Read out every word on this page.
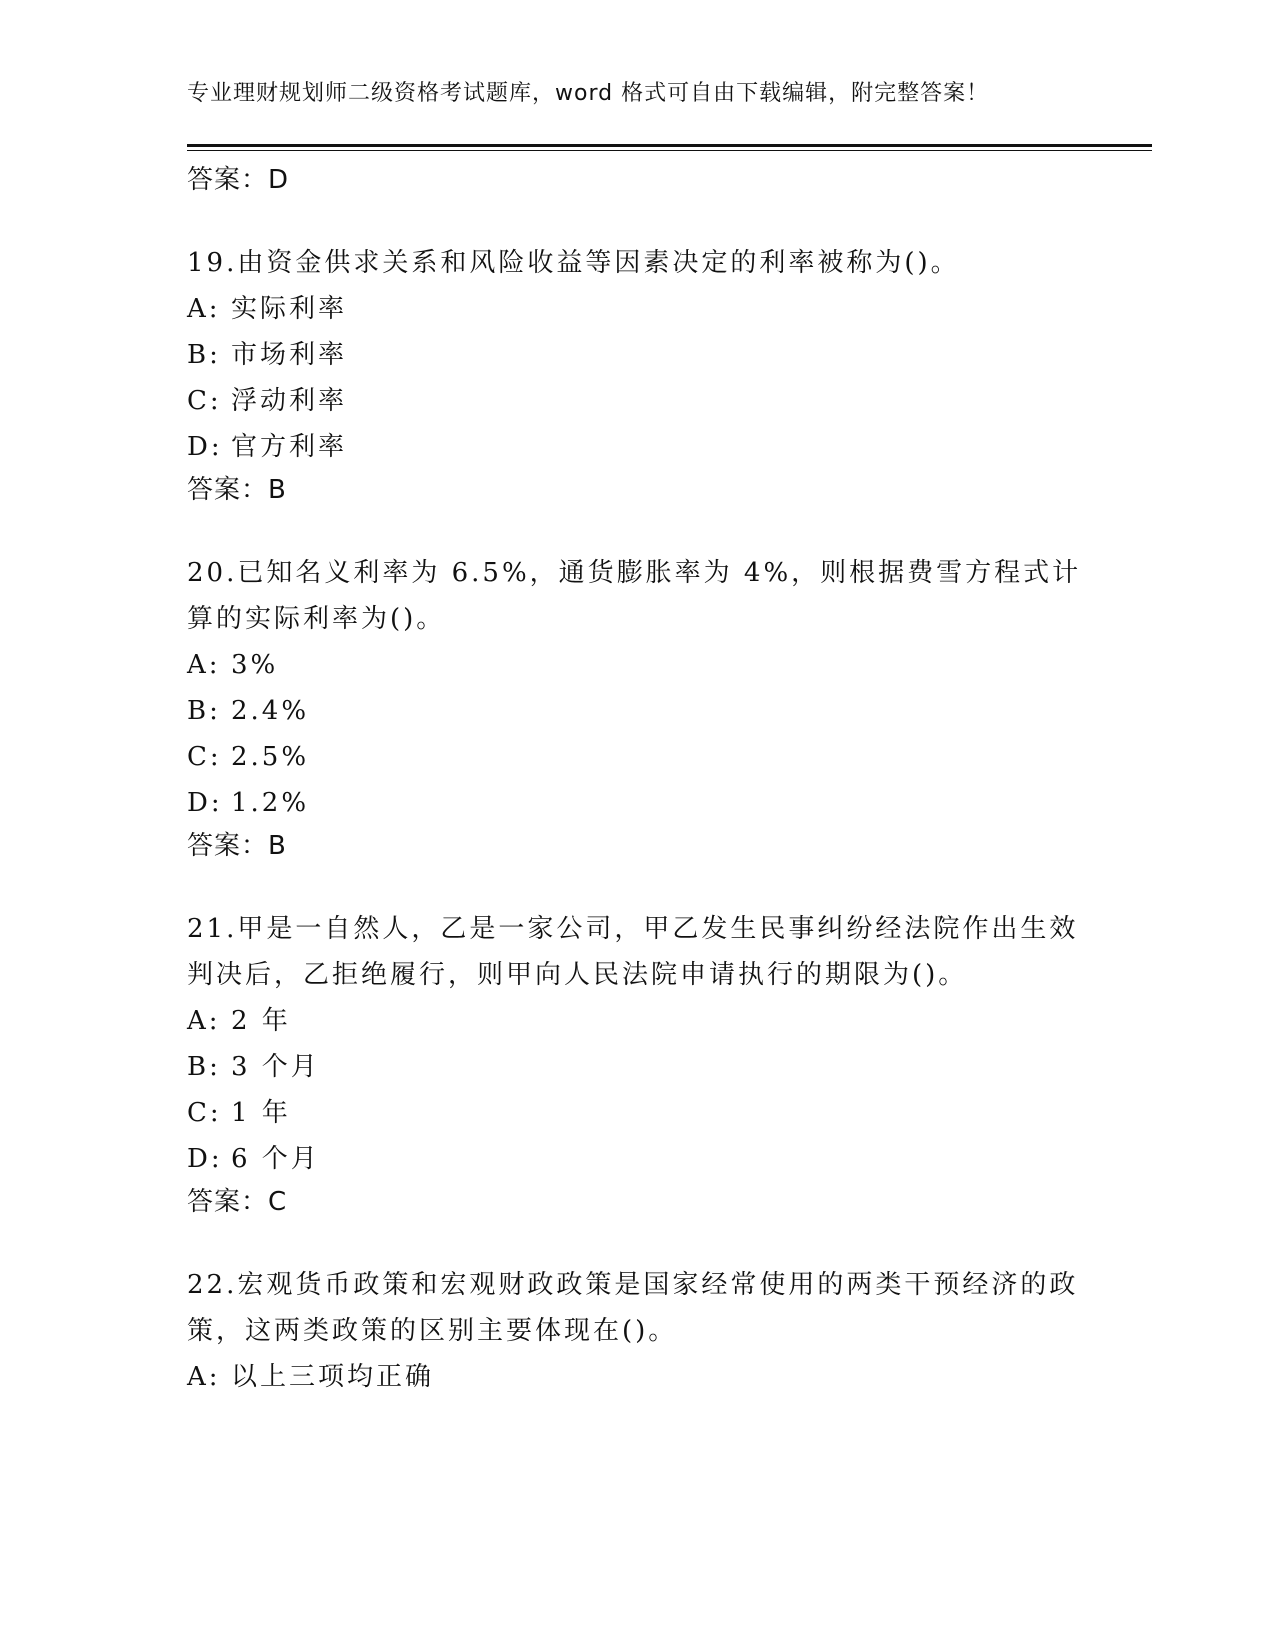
专业理财规划师二级资格考试题库，word 格式可自由下载编辑，附完整答案！
答案：D
19.由资金供求关系和风险收益等因素决定的利率被称为()。
A: 实际利率
B: 市场利率
C: 浮动利率
D: 官方利率
答案：B
20.已知名义利率为 6.5%，通货膨胀率为 4%，则根据费雪方程式计算的实际利率为()。
A: 3%
B: 2.4%
C: 2.5%
D: 1.2%
答案：B
21.甲是一自然人，乙是一家公司，甲乙发生民事纠纷经法院作出生效判决后，乙拒绝履行，则甲向人民法院申请执行的期限为()。
A: 2 年
B: 3 个月
C: 1 年
D: 6 个月
答案：C
22.宏观货币政策和宏观财政政策是国家经常使用的两类干预经济的政策，这两类政策的区别主要体现在()。
A: 以上三项均正确
